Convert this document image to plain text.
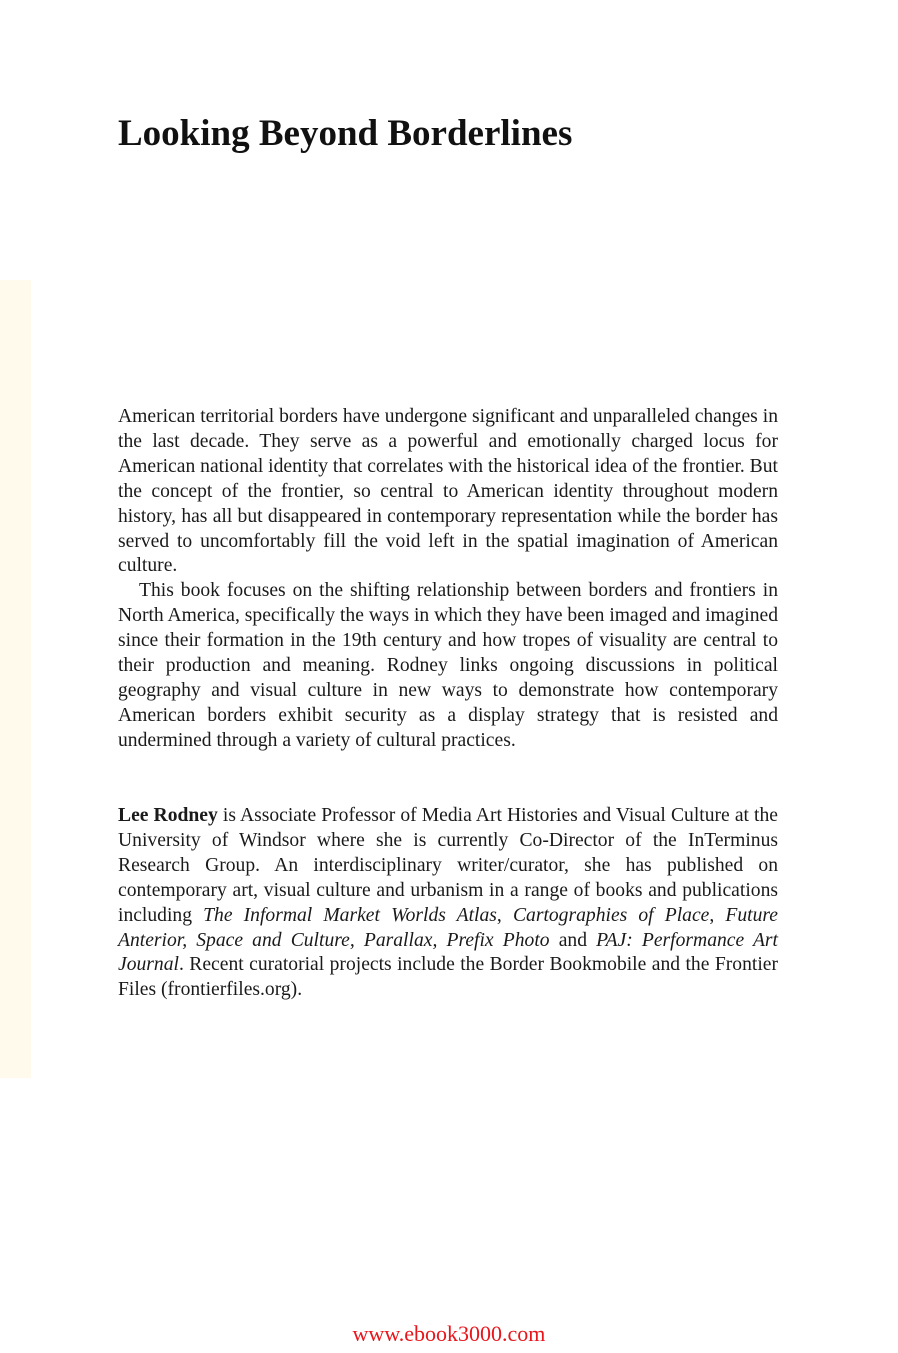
Looking Beyond Borderlines

American territorial borders have undergone significant and unparalleled changes in the last decade. They serve as a powerful and emotionally charged locus for American national identity that correlates with the historical idea of the frontier. But the concept of the frontier, so central to American identity throughout modern history, has all but disappeared in contemporary representation while the border has served to uncomfortably fill the void left in the spatial imagination of American culture.

This book focuses on the shifting relationship between borders and frontiers in North America, specifically the ways in which they have been imaged and imagined since their formation in the 19th century and how tropes of visuality are central to their production and meaning. Rodney links ongoing discussions in political geography and visual culture in new ways to demonstrate how contemporary American borders exhibit security as a display strategy that is resisted and undermined through a variety of cultural practices.

Lee Rodney is Associate Professor of Media Art Histories and Visual Culture at the University of Windsor where she is currently Co-Director of the InTerminus Research Group. An interdisciplinary writer/curator, she has published on contemporary art, visual culture and urbanism in a range of books and publications including The Informal Market Worlds Atlas, Cartographies of Place, Future Anterior, Space and Culture, Parallax, Prefix Photo and PAJ: Performance Art Journal. Recent curatorial projects include the Border Bookmobile and the Frontier Files (frontierfiles.org).

www.ebook3000.com
